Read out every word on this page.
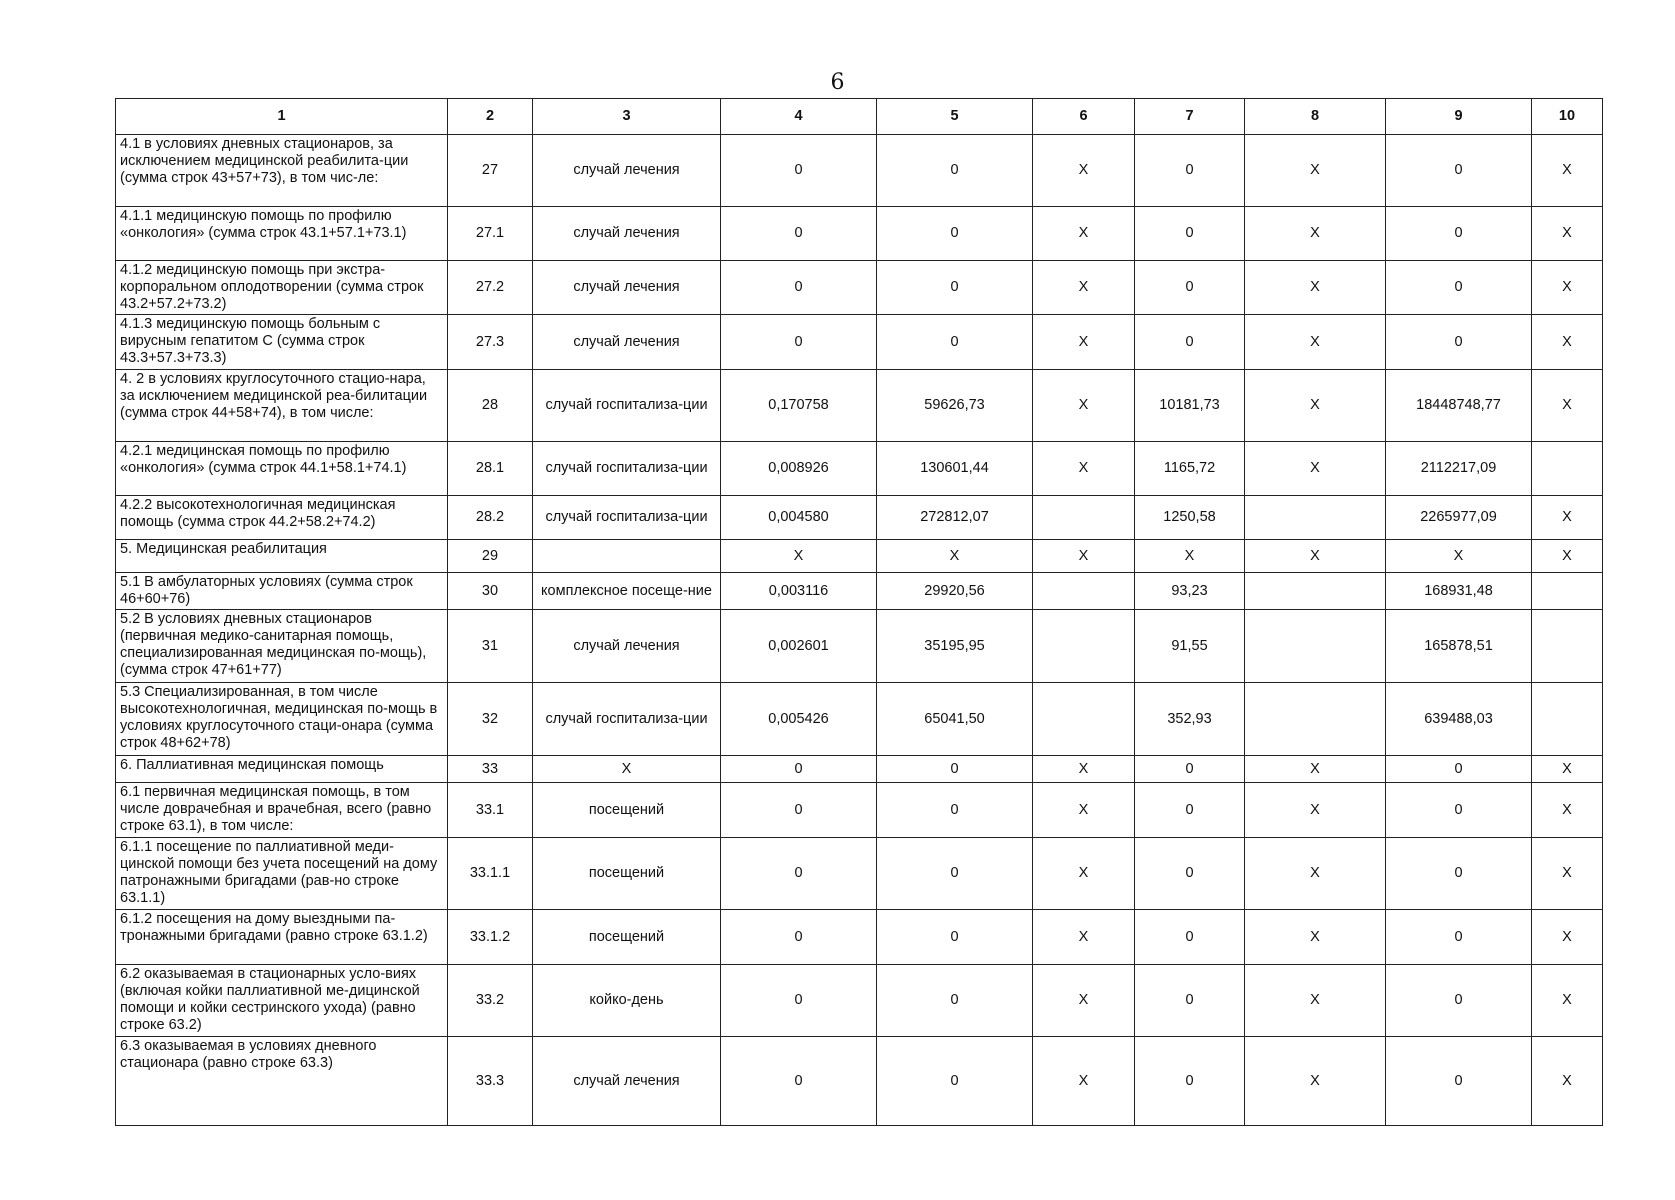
6
1	2	3	4	5	6	7	8	9	10
4.1 в условиях дневных стационаров, за исключением медицинской реабилита-ции (сумма строк 43+57+73), в том чис-ле:	27	случай лечения	0	0	X	0	X	0	X
4.1.1 медицинскую помощь по профилю «онкология» (сумма строк 43.1+57.1+73.1)	27.1	случай лечения	0	0	X	0	X	0	X
4.1.2 медицинскую помощь при экстра-корпоральном оплодотворении (сумма строк 43.2+57.2+73.2)	27.2	случай лечения	0	0	X	0	X	0	X
4.1.3 медицинскую помощь больным с вирусным гепатитом С (сумма строк 43.3+57.3+73.3)	27.3	случай лечения	0	0	X	0	X	0	X
4. 2 в условиях круглосуточного стацио-нара, за исключением медицинской реа-билитации (сумма строк 44+58+74), в том числе:	28	случай госпитализа-ции	0,170758	59626,73	X	10181,73	X	18448748,77	X
4.2.1 медицинская помощь по профилю «онкология» (сумма строк 44.1+58.1+74.1)	28.1	случай госпитализа-ции	0,008926	130601,44	X	1165,72	X	2112217,09	
4.2.2 высокотехнологичная медицинская помощь (сумма строк 44.2+58.2+74.2)	28.2	случай госпитализа-ции	0,004580	272812,07		1250,58		2265977,09	X
5. Медицинская реабилитация	29		X	X	X	X	X	X	X
5.1 В амбулаторных условиях (сумма строк 46+60+76)	30	комплексное посеще-ние	0,003116	29920,56		93,23		168931,48	
5.2 В условиях дневных стационаров (первичная медико-санитарная помощь, специализированная медицинская по-мощь), (сумма строк 47+61+77)	31	случай лечения	0,002601	35195,95		91,55		165878,51	
5.3 Специализированная, в том числе высокотехнологичная, медицинская по-мощь в условиях круглосуточного стаци-онара (сумма строк 48+62+78)	32	случай госпитализа-ции	0,005426	65041,50		352,93		639488,03	
6. Паллиативная медицинская помощь	33	X	0	0	X	0	X	0	X
6.1 первичная медицинская помощь, в том числе доврачебная и врачебная, всего (равно строке 63.1), в том числе:	33.1	посещений	0	0	X	0	X	0	X
6.1.1 посещение по паллиативной меди-цинской помощи без учета посещений на дому патронажными бригадами (рав-но строке 63.1.1)	33.1.1	посещений	0	0	X	0	X	0	X
6.1.2 посещения на дому выездными па-тронажными бригадами (равно строке 63.1.2)	33.1.2	посещений	0	0	X	0	X	0	X
6.2 оказываемая в стационарных усло-виях (включая койки паллиативной ме-дицинской помощи и койки сестринского ухода) (равно строке 63.2)	33.2	койко-день	0	0	X	0	X	0	X
6.3 оказываемая в условиях дневного стационара (равно строке 63.3)	33.3	случай лечения	0	0	X	0	X	0	X
